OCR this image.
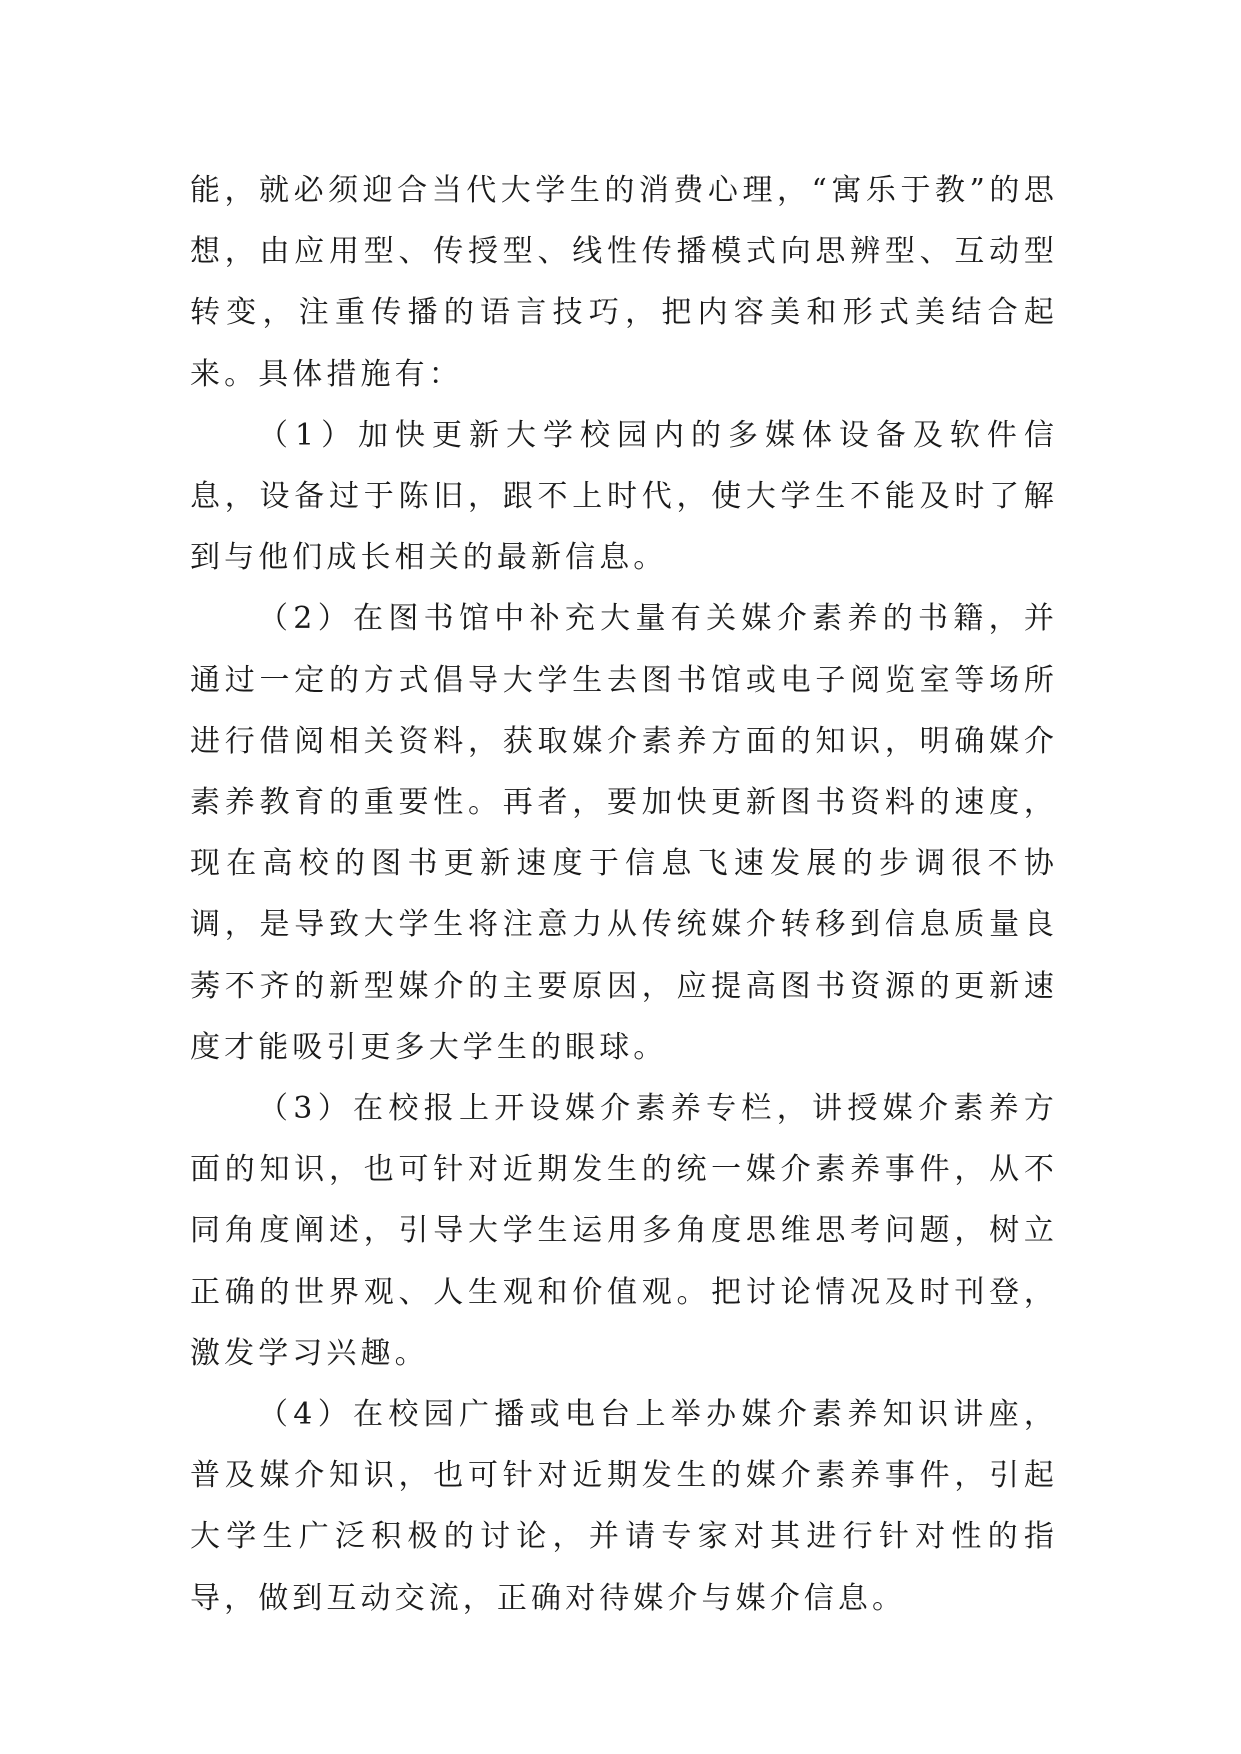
能，就必须迎合当代大学生的消费心理，“寓乐于教”的思想，由应用型、传授型、线性传播模式向思辨型、互动型转变，注重传播的语言技巧，把内容美和形式美结合起来。具体措施有：

（1）加快更新大学校园内的多媒体设备及软件信息，设备过于陈旧，跟不上时代，使大学生不能及时了解到与他们成长相关的最新信息。

（2）在图书馆中补充大量有关媒介素养的书籍，并通过一定的方式倡导大学生去图书馆或电子阅览室等场所进行借阅相关资料，获取媒介素养方面的知识，明确媒介素养教育的重要性。再者，要加快更新图书资料的速度，现在高校的图书更新速度于信息飞速发展的步调很不协调，是导致大学生将注意力从传统媒介转移到信息质量良莠不齐的新型媒介的主要原因，应提高图书资源的更新速度才能吸引更多大学生的眼球。

（3）在校报上开设媒介素养专栏，讲授媒介素养方面的知识，也可针对近期发生的统一媒介素养事件，从不同角度阐述，引导大学生运用多角度思维思考问题，树立正确的世界观、人生观和价值观。把讨论情况及时刊登，激发学习兴趣。

（4）在校园广播或电台上举办媒介素养知识讲座，普及媒介知识，也可针对近期发生的媒介素养事件，引起大学生广泛积极的讨论，并请专家对其进行针对性的指导，做到互动交流，正确对待媒介与媒介信息。
